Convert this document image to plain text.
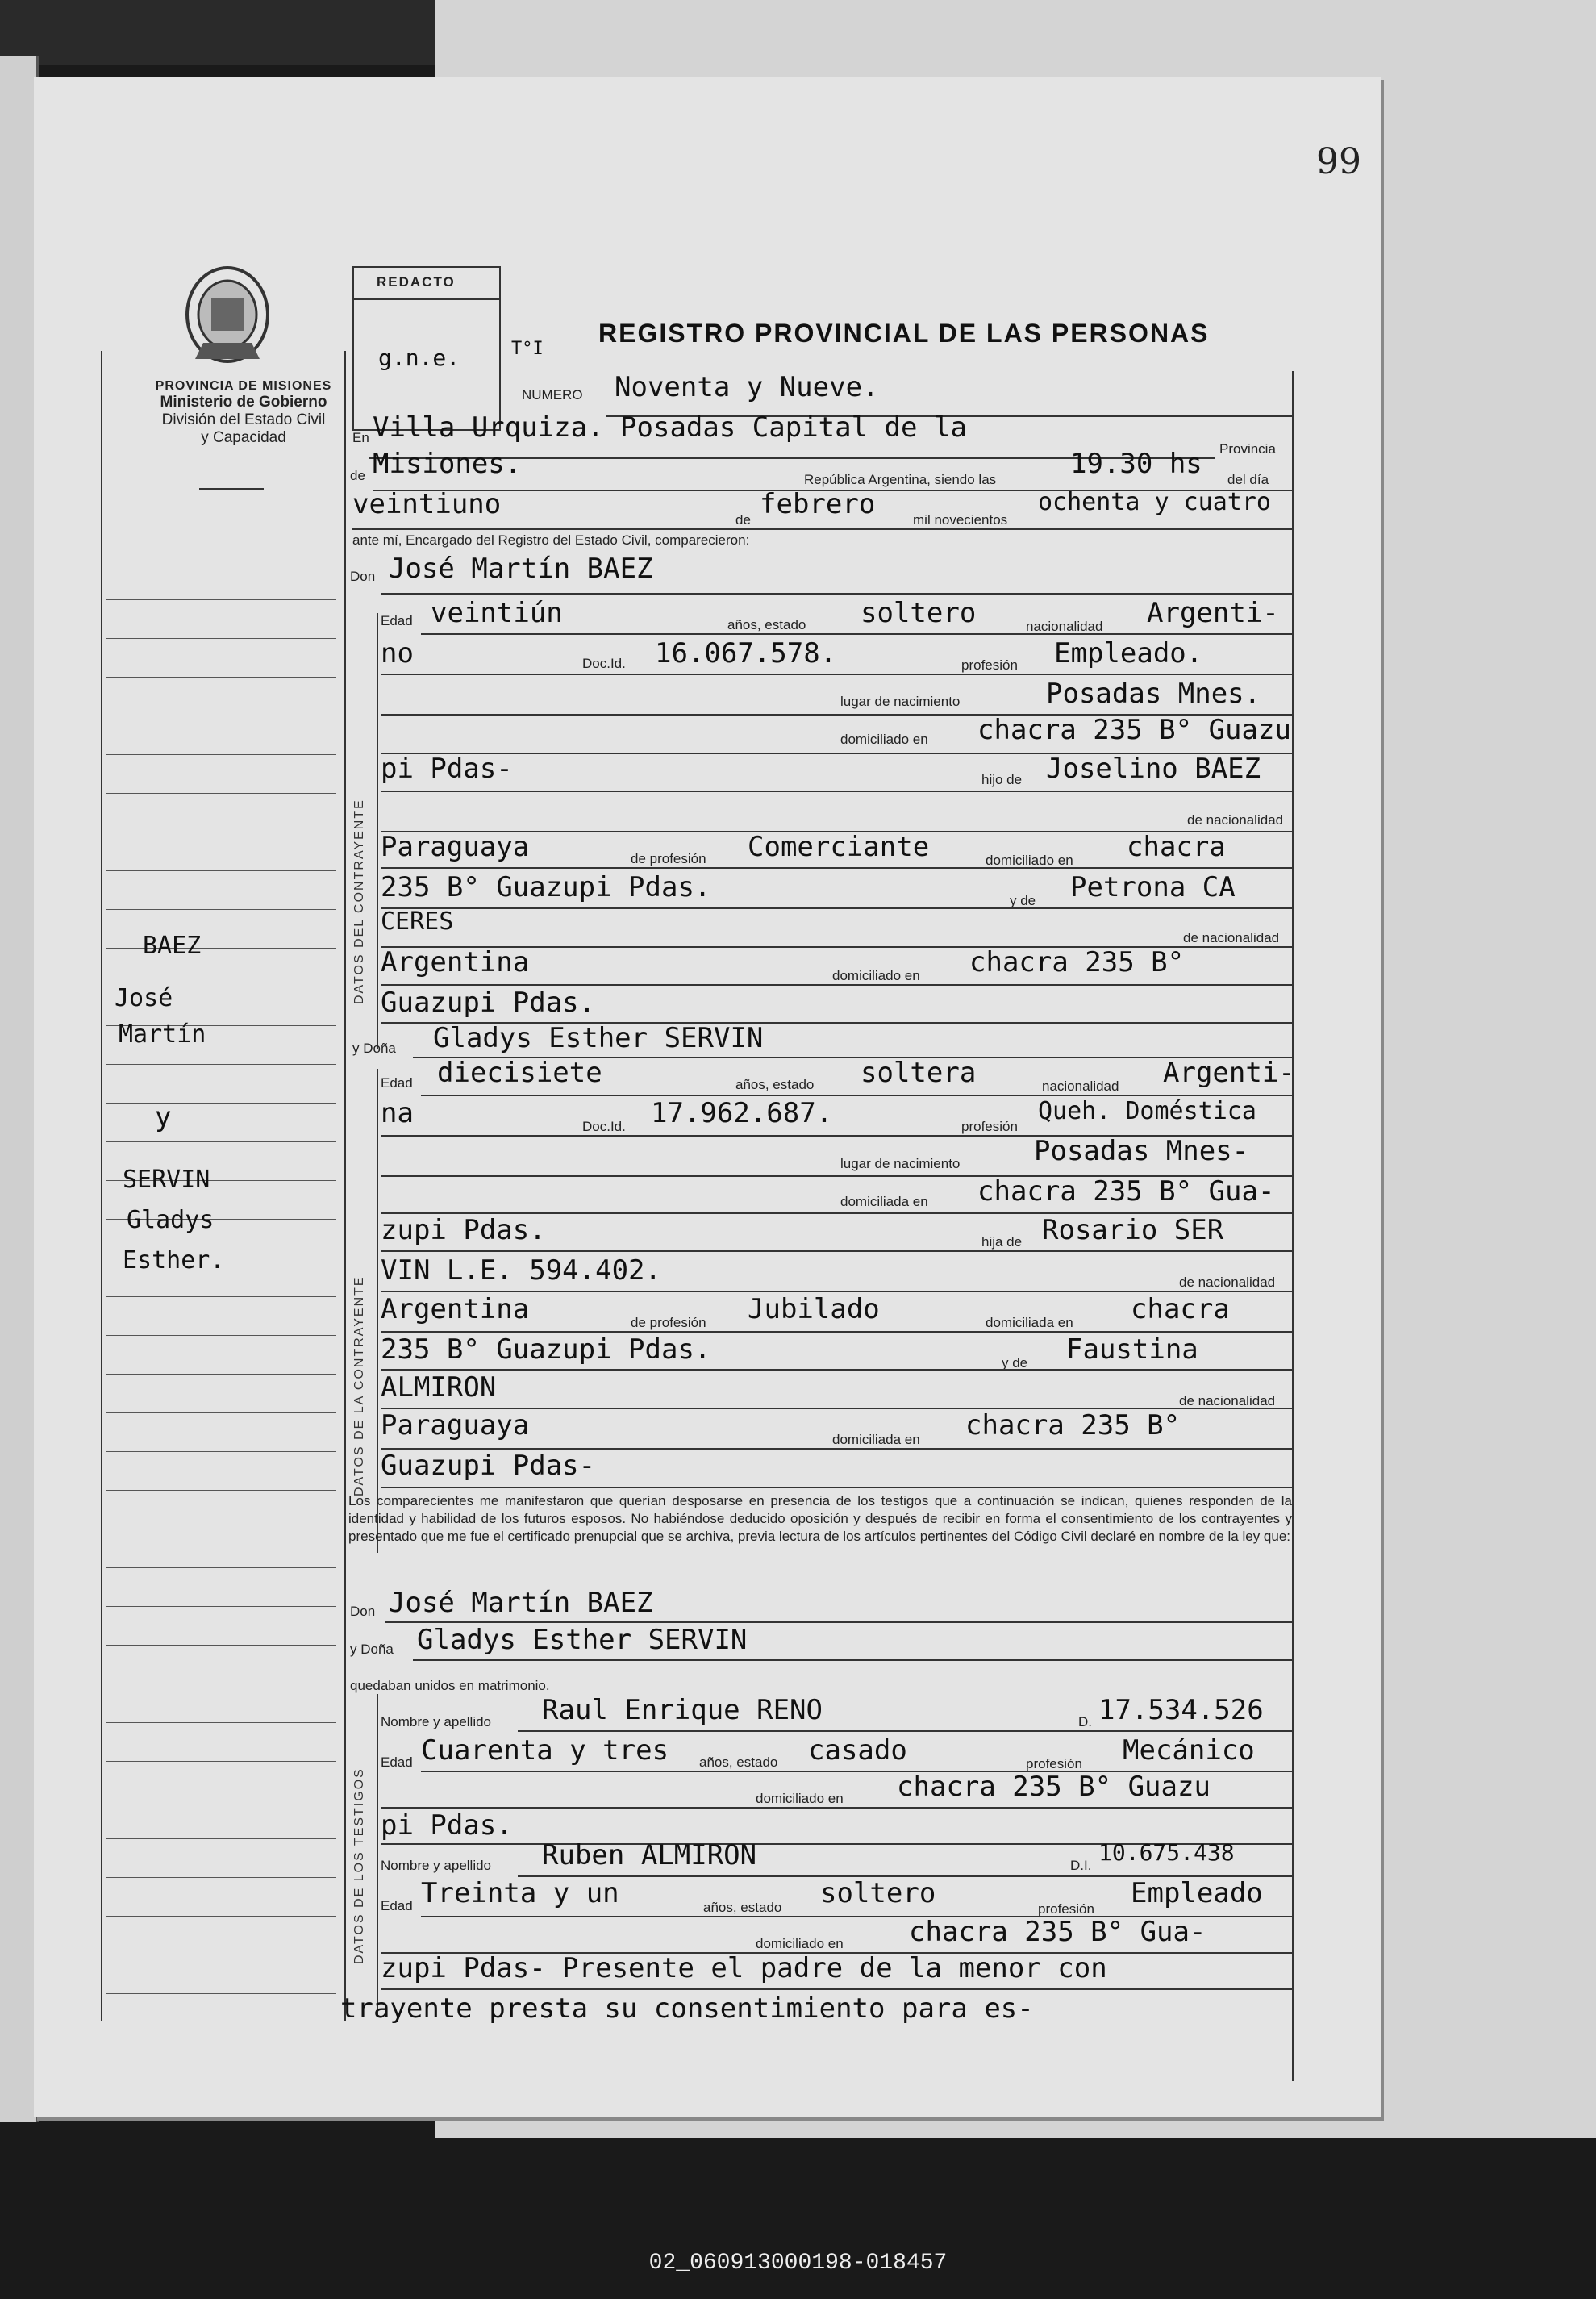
99
PROVINCIA DE MISIONES
Ministerio de Gobierno
División del Estado Civil
y Capacidad
REDACTO
g.n.e.	T°I
REGISTRO PROVINCIAL DE LAS PERSONAS
BAEZ
José
Martín
y
SERVIN
Gladys
Esther.
NUMERO Noventa y Nueve.
En Villa Urquiza. Posadas Capital de la
Provincia
de Misiones.	República Argentina, siendo las	19.30 hs del día
veintiuno	de febrero	mil novecientos
ochenta y cuatro
ante mí, Encargado del Registro del Estado Civil, comparecieron:
Don José Martín BAEZ
DATOS DEL CONTRAYENTE
Edad veintiún	años, estado soltero	nacionalidad Argenti-
no	Doc.Id. 16.067.578.	profesión Empleado.
lugar de nacimiento	Posadas Mnes.
domiciliado en chacra 235 B° Guazu
pi Pdas-	hijo de Joselino BAEZ
de nacionalidad
Paraguaya	de profesión Comerciante	domiciliado en chacra
235 B° Guazupi Pdas.	y de Petrona CA
CERES
de nacionalidad
Argentina	domiciliado en chacra 235 B°
Guazupi Pdas.
y Doña Gladys Esther SERVIN
DATOS DE LA CONTRAYENTE
Edad diecisiete	años, estado soltera	nacionalidad Argenti-
na	Doc.Id. 17.962.687.	profesión
Queh. Doméstica
lugar de nacimiento	Posadas Mnes-
domiciliada en chacra 235 B° Gua-
zupi Pdas.	hija de Rosario SER
VIN L.E. 594.402.	de nacionalidad
Argentina	de profesión Jubilado	domiciliada en chacra
235 B° Guazupi Pdas.	y de Faustina
ALMIRON	de nacionalidad
Paraguaya	domiciliada en chacra 235 B°
Guazupi Pdas-
Los comparecientes me manifestaron que querían desposarse en presencia de los testigos que a continuación se indican, quienes responden de la identidad y habilidad de los futuros esposos. No habiéndose deducido oposición y después de recibir en forma el consentimiento de los contrayentes y presentado que me fue el certificado prenupcial que se archiva, previa lectura de los artículos pertinentes del Código Civil declaré en nombre de la ley que:
Don José Martín BAEZ
y Doña Gladys Esther SERVIN
quedaban unidos en matrimonio.
DATOS DE LOS TESTIGOS
Nombre y apellido Raul Enrique RENO	D. 17.534.526
Edad Cuarenta y tres años, estado casado	profesión Mecánico
domiciliado en chacra 235 B° Guazu
pi Pdas.
Nombre y apellido Ruben ALMIRON	D.I. 10.675.438
Edad Treinta y un	años, estado soltero	profesión Empleado
domiciliado en chacra 235 B° Gua-
zupi Pdas- Presente el padre de la menor con
trayente presta su consentimiento para es-
02_060913000198-018457
